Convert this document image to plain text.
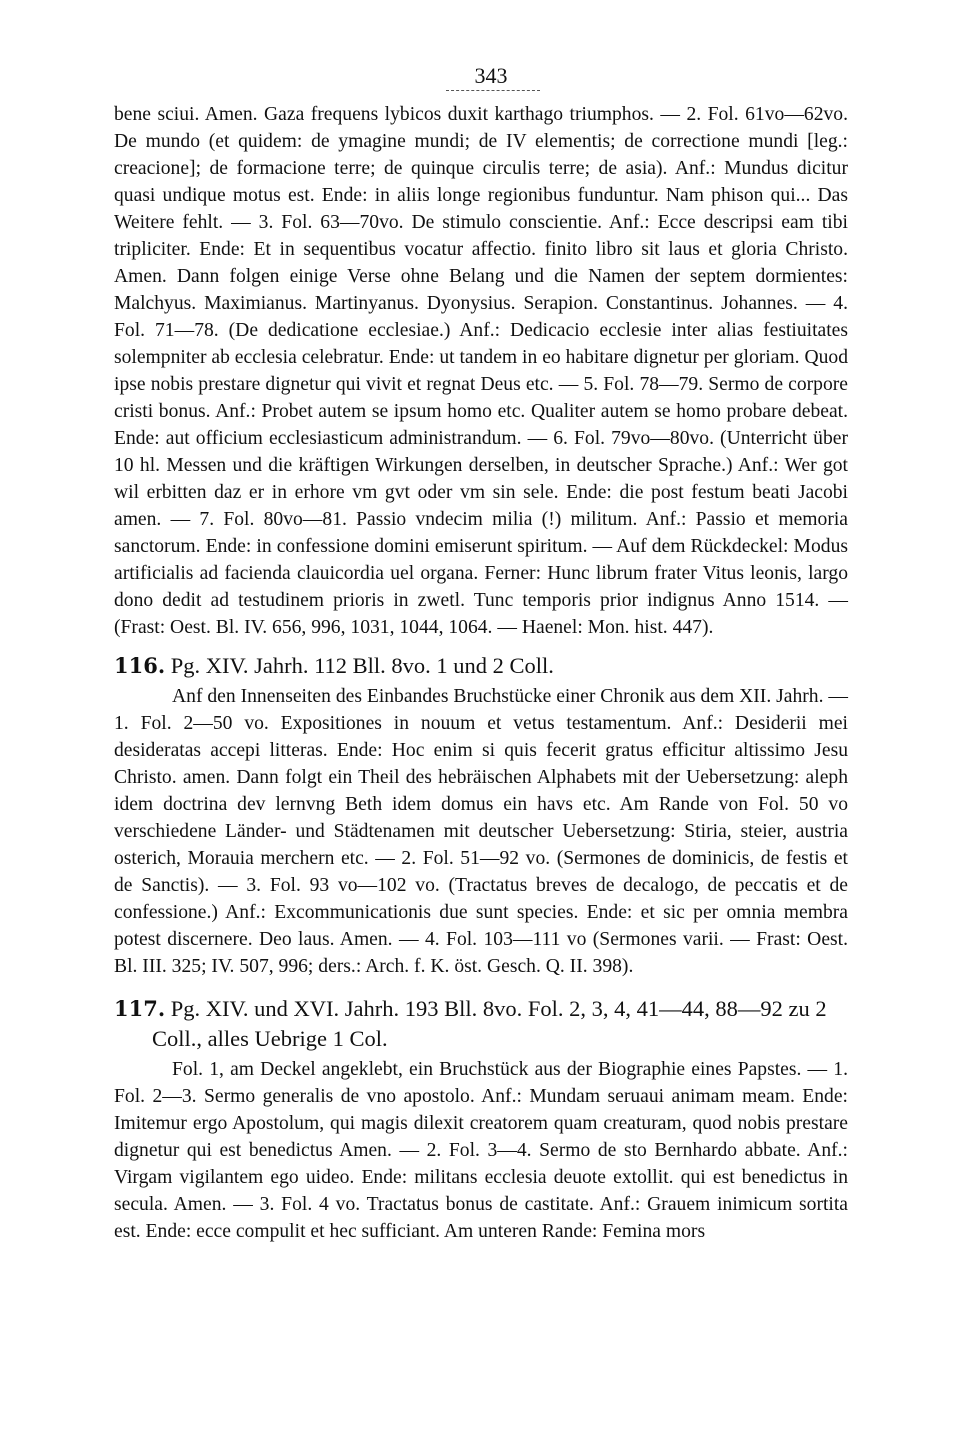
343

bene sciui. Amen. Gaza frequens lybicos duxit karthago triumphos. — 2. Fol. 61vo—62vo. De mundo (et quidem: de ymagine mundi; de IV elementis; de correctione mundi [leg.: creacione]; de formacione terre; de quinque circulis terre; de asia). Anf.: Mundus dicitur quasi undique motus est. Ende: in aliis longe regionibus funduntur. Nam phison qui... Das Weitere fehlt. — 3. Fol. 63—70vo. De stimulo conscientie. Anf.: Ecce descripsi eam tibi tripliciter. Ende: Et in sequentibus vocatur affectio. finito libro sit laus et gloria Christo. Amen. Dann folgen einige Verse ohne Belang und die Namen der septem dormientes: Malchyus. Maximianus. Martinyanus. Dyonysius. Serapion. Constantinus. Johannes. — 4. Fol. 71—78. (De dedicatione ecclesiae.) Anf.: Dedicacio ecclesie inter alias festiuitates solempniter ab ecclesia celebratur. Ende: ut tandem in eo habitare dignetur per gloriam. Quod ipse nobis prestare dignetur qui vivit et regnat Deus etc. — 5. Fol. 78—79. Sermo de corpore cristi bonus. Anf.: Probet autem se ipsum homo etc. Qualiter autem se homo probare debeat. Ende: aut officium ecclesiasticum administrandum. — 6. Fol. 79vo—80vo. (Unterricht über 10 hl. Messen und die kräftigen Wirkungen derselben, in deutscher Sprache.) Anf.: Wer got wil erbitten daz er in erhore vm gvt oder vm sin sele. Ende: die post festum beati Jacobi amen. — 7. Fol. 80vo—81. Passio vndecim milia (!) militum. Anf.: Passio et memoria sanctorum. Ende: in confessione domini emiserunt spiritum. — Auf dem Rückdeckel: Modus artificialis ad facienda clauicordia uel organa. Ferner: Hunc librum frater Vitus leonis, largo dono dedit ad testudinem prioris in zwetl. Tunc temporis prior indignus Anno 1514. — (Frast: Oest. Bl. IV. 656, 996, 1031, 1044, 1064. — Haenel: Mon. hist. 447).

116. Pg. XIV. Jahrh. 112 Bll. 8vo. 1 und 2 Coll.

Anf den Innenseiten des Einbandes Bruchstücke einer Chronik aus dem XII. Jahrh. — 1. Fol. 2—50 vo. Expositiones in nouum et vetus testamentum. Anf.: Desiderii mei desideratas accepi litteras. Ende: Hoc enim si quis fecerit gratus efficitur altissimo Jesu Christo. amen. Dann folgt ein Theil des hebräischen Alphabets mit der Uebersetzung: aleph idem doctrina dev lernvng Beth idem domus ein havs etc. Am Rande von Fol. 50 vo verschiedene Länder- und Städtenamen mit deutscher Uebersetzung: Stiria, steier, austria osterich, Morauia merchern etc. — 2. Fol. 51—92 vo. (Sermones de dominicis, de festis et de Sanctis). — 3. Fol. 93 vo—102 vo. (Tractatus breves de decalogo, de peccatis et de confessione.) Anf.: Excommunicationis due sunt species. Ende: et sic per omnia membra potest discernere. Deo laus. Amen. — 4. Fol. 103—111 vo (Sermones varii. — Frast: Oest. Bl. III. 325; IV. 507, 996; ders.: Arch. f. K. öst. Gesch. Q. II. 398).

117. Pg. XIV. und XVI. Jahrh. 193 Bll. 8vo. Fol. 2, 3, 4, 41—44, 88—92 zu 2 Coll., alles Uebrige 1 Col.

Fol. 1, am Deckel angeklebt, ein Bruchstück aus der Biographie eines Papstes. — 1. Fol. 2—3. Sermo generalis de vno apostolo. Anf.: Mundam seruaui animam meam. Ende: Imitemur ergo Apostolum, qui magis dilexit creatorem quam creaturam, quod nobis prestare dignetur qui est benedictus Amen. — 2. Fol. 3—4. Sermo de sto Bernhardo abbate. Anf.: Virgam vigilantem ego uideo. Ende: militans ecclesia deuote extollit. qui est benedictus in secula. Amen. — 3. Fol. 4 vo. Tractatus bonus de castitate. Anf.: Grauem inimicum sortita est. Ende: ecce compulit et hec sufficiant. Am unteren Rande: Femina mors
